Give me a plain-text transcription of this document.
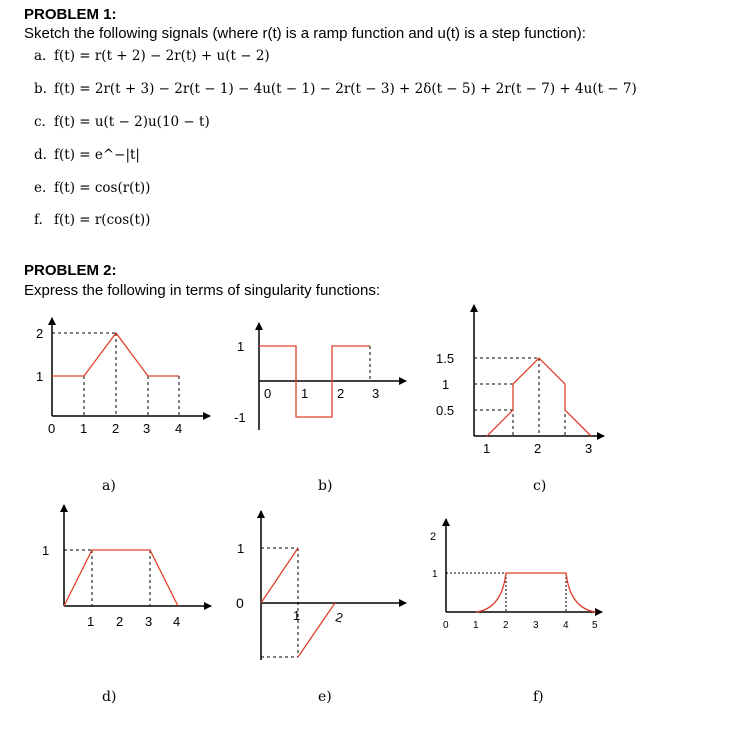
PROBLEM 1:
Sketch the following signals (where r(t) is a ramp function and u(t) is a step function):
a. f(t) = r(t + 2) − 2r(t) + u(t − 2)
b. f(t) = 2r(t + 3) − 2r(t − 1) − 4u(t − 1) − 2r(t − 3) + 2δ(t − 5) + 2r(t − 7) + 4u(t − 7)
c. f(t) = u(t − 2)u(10 − t)
d. f(t) = e^−|t|
e. f(t) = cos(r(t))
f. f(t) = r(cos(t))
PROBLEM 2:
Express the following in terms of singularity functions:
a)	b)	c)
d)	e)	f)
0 1 2 3 4
1
2
0 1 2 3
1
-1
1	2	3
1.5
1
0.5
1 2 3 4
1
1	2
1
0
0 1 2 3 4 5
2
1
